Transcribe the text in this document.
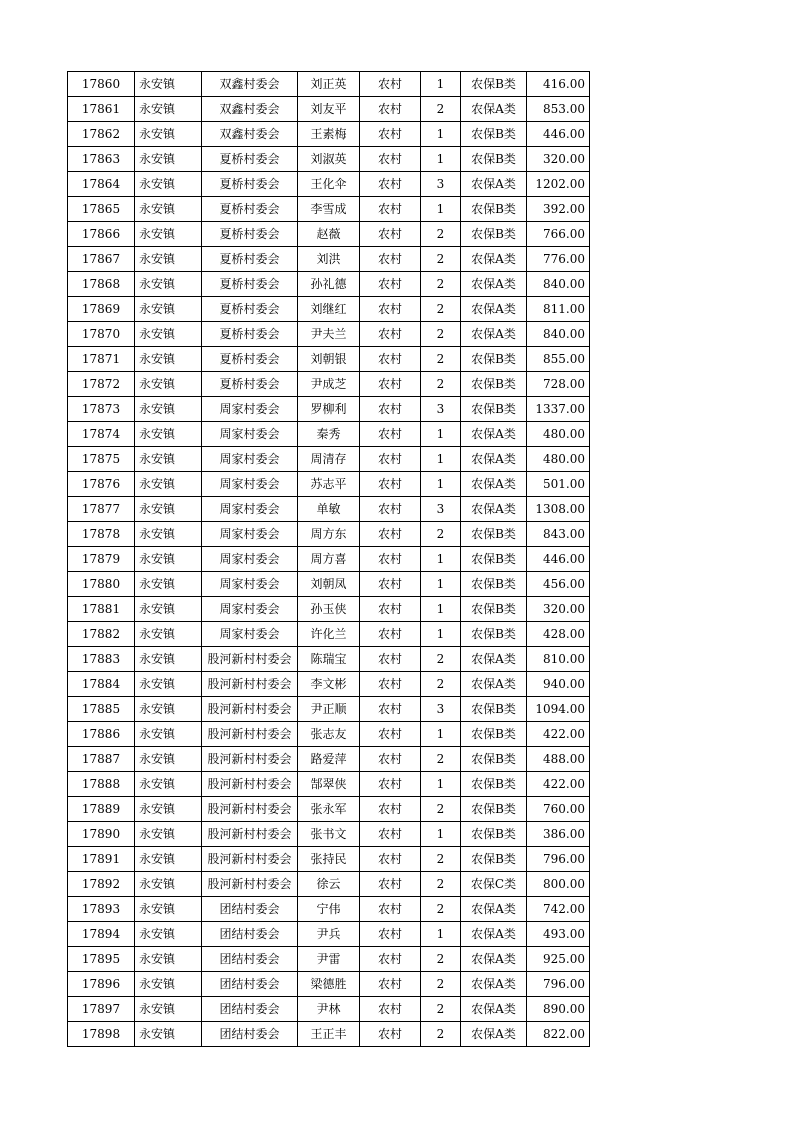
17860	永安镇	双鑫村委会	刘正英	农村	1	农保B类	416.00
17861	永安镇	双鑫村委会	刘友平	农村	2	农保A类	853.00
17862	永安镇	双鑫村委会	王素梅	农村	1	农保B类	446.00
17863	永安镇	夏桥村委会	刘淑英	农村	1	农保B类	320.00
17864	永安镇	夏桥村委会	王化伞	农村	3	农保A类	1202.00
17865	永安镇	夏桥村委会	李雪成	农村	1	农保B类	392.00
17866	永安镇	夏桥村委会	赵薇	农村	2	农保B类	766.00
17867	永安镇	夏桥村委会	刘洪	农村	2	农保A类	776.00
17868	永安镇	夏桥村委会	孙礼德	农村	2	农保A类	840.00
17869	永安镇	夏桥村委会	刘继红	农村	2	农保A类	811.00
17870	永安镇	夏桥村委会	尹夫兰	农村	2	农保A类	840.00
17871	永安镇	夏桥村委会	刘朝银	农村	2	农保B类	855.00
17872	永安镇	夏桥村委会	尹成芝	农村	2	农保B类	728.00
17873	永安镇	周家村委会	罗柳利	农村	3	农保B类	1337.00
17874	永安镇	周家村委会	秦秀	农村	1	农保A类	480.00
17875	永安镇	周家村委会	周清存	农村	1	农保A类	480.00
17876	永安镇	周家村委会	苏志平	农村	1	农保A类	501.00
17877	永安镇	周家村委会	单敏	农村	3	农保A类	1308.00
17878	永安镇	周家村委会	周方东	农村	2	农保B类	843.00
17879	永安镇	周家村委会	周方喜	农村	1	农保B类	446.00
17880	永安镇	周家村委会	刘朝凤	农村	1	农保B类	456.00
17881	永安镇	周家村委会	孙玉侠	农村	1	农保B类	320.00
17882	永安镇	周家村委会	许化兰	农村	1	农保B类	428.00
17883	永安镇	股河新村村委会	陈瑞宝	农村	2	农保A类	810.00
17884	永安镇	股河新村村委会	李文彬	农村	2	农保A类	940.00
17885	永安镇	股河新村村委会	尹正顺	农村	3	农保B类	1094.00
17886	永安镇	股河新村村委会	张志友	农村	1	农保B类	422.00
17887	永安镇	股河新村村委会	路爱萍	农村	2	农保B类	488.00
17888	永安镇	股河新村村委会	郜翠侠	农村	1	农保B类	422.00
17889	永安镇	股河新村村委会	张永军	农村	2	农保B类	760.00
17890	永安镇	股河新村村委会	张书文	农村	1	农保B类	386.00
17891	永安镇	股河新村村委会	张持民	农村	2	农保B类	796.00
17892	永安镇	股河新村村委会	徐云	农村	2	农保C类	800.00
17893	永安镇	团结村委会	宁伟	农村	2	农保A类	742.00
17894	永安镇	团结村委会	尹兵	农村	1	农保A类	493.00
17895	永安镇	团结村委会	尹雷	农村	2	农保A类	925.00
17896	永安镇	团结村委会	梁德胜	农村	2	农保A类	796.00
17897	永安镇	团结村委会	尹林	农村	2	农保A类	890.00
17898	永安镇	团结村委会	王正丰	农村	2	农保A类	822.00
